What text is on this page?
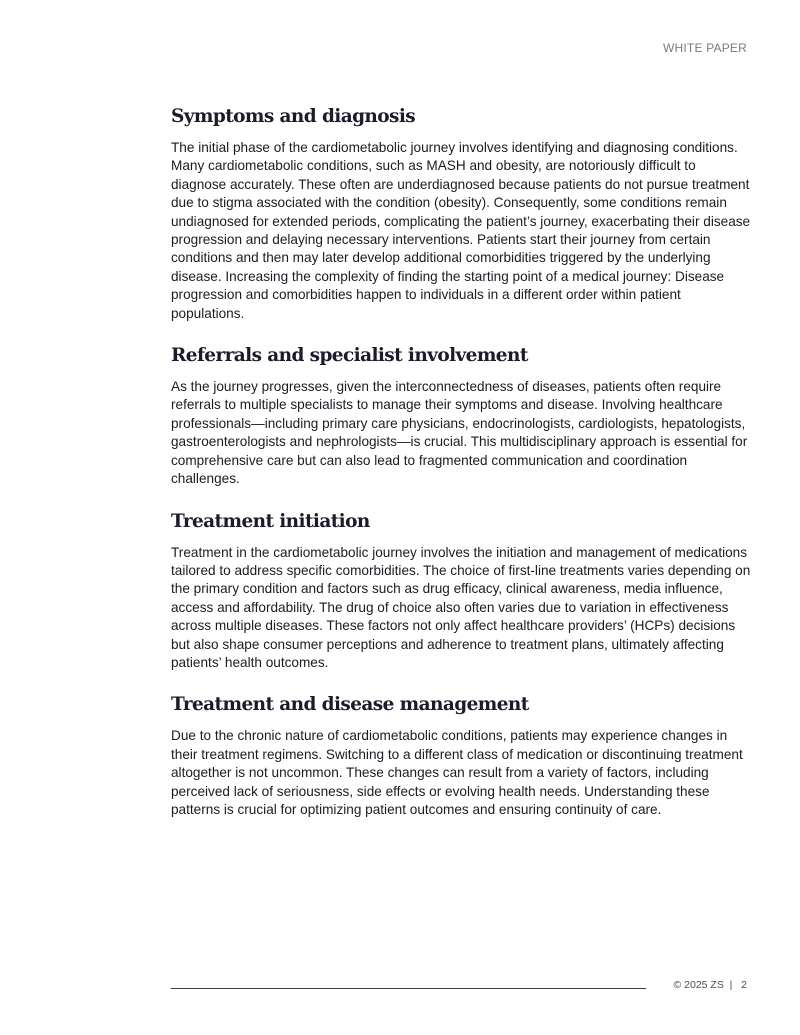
WHITE PAPER
Symptoms and diagnosis

The initial phase of the cardiometabolic journey involves identifying and diagnosing conditions. Many cardiometabolic conditions, such as MASH and obesity, are notoriously difficult to diagnose accurately. These often are underdiagnosed because patients do not pursue treatment due to stigma associated with the condition (obesity). Consequently, some conditions remain undiagnosed for extended periods, complicating the patient’s journey, exacerbating their disease progression and delaying necessary interventions. Patients start their journey from certain conditions and then may later develop additional comorbidities triggered by the underlying disease. Increasing the complexity of finding the starting point of a medical journey: Disease progression and comorbidities happen to individuals in a different order within patient populations.

Referrals and specialist involvement

As the journey progresses, given the interconnectedness of diseases, patients often require referrals to multiple specialists to manage their symptoms and disease. Involving healthcare professionals—including primary care physicians, endocrinologists, cardiologists, hepatologists, gastroenterologists and nephrologists—is crucial. This multidisciplinary approach is essential for comprehensive care but can also lead to fragmented communication and coordination challenges.

Treatment initiation

Treatment in the cardiometabolic journey involves the initiation and management of medications tailored to address specific comorbidities. The choice of first-line treatments varies depending on the primary condition and factors such as drug efficacy, clinical awareness, media influence, access and affordability. The drug of choice also often varies due to variation in effectiveness across multiple diseases. These factors not only affect healthcare providers’ (HCPs) decisions but also shape consumer perceptions and adherence to treatment plans, ultimately affecting patients’ health outcomes.

Treatment and disease management

Due to the chronic nature of cardiometabolic conditions, patients may experience changes in their treatment regimens. Switching to a different class of medication or discontinuing treatment altogether is not uncommon. These changes can result from a variety of factors, including perceived lack of seriousness, side effects or evolving health needs. Understanding these patterns is crucial for optimizing patient outcomes and ensuring continuity of care.

© 2025 ZS  |   2
